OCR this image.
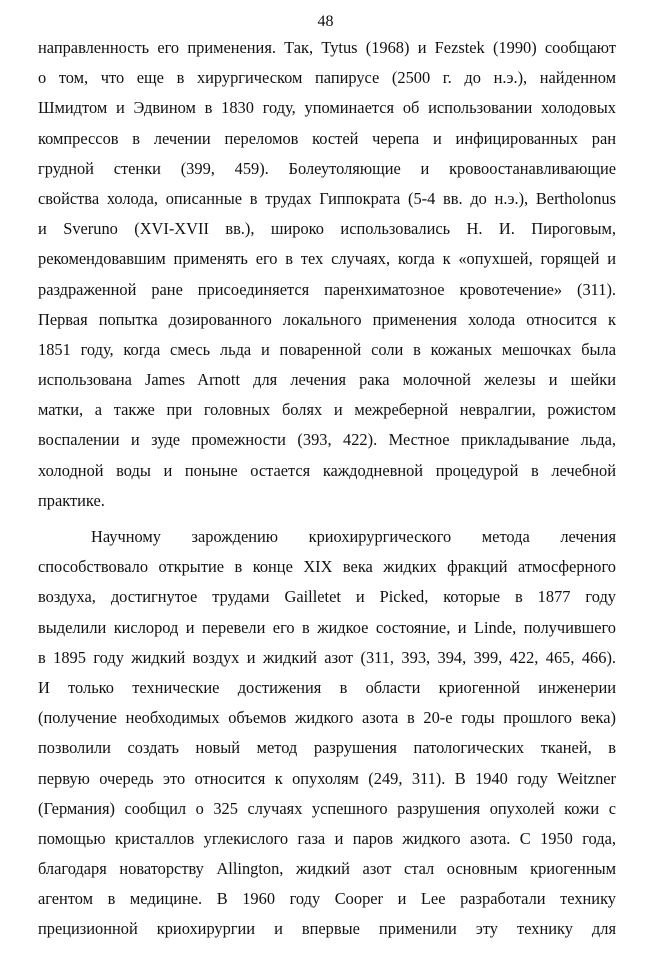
48
направленность его применения. Так, Tytus (1968) и Fezstek (1990) сообщают
о том, что еще в хирургическом папирусе (2500 г. до н.э.), найденном
Шмидтом и Эдвином в 1830 году, упоминается об использовании холодовых
компрессов в лечении переломов костей черепа и инфицированных ран
грудной стенки (399, 459). Болеутоляющие и кровоостанавливающие
свойства холода, описанные в трудах Гиппократа (5-4 вв. до н.э.), Bertholonus
и Sveruno (XVI-XVII вв.), широко использовались Н. И. Пироговым,
рекомендовавшим применять его в тех случаях, когда к «опухшей, горящей и
раздраженной ране присоединяется паренхиматозное кровотечение» (311).
Первая попытка дозированного локального применения холода относится к
1851 году, когда смесь льда и поваренной соли в кожаных мешочках была
использована James Arnott для лечения рака молочной железы и шейки
матки, а также при головных болях и межреберной невралгии, рожистом
воспалении и зуде промежности (393, 422). Местное прикладывание льда,
холодной воды и поныне остается каждодневной процедурой в лечебной
практике.
Научному зарождению криохирургического метода лечения
способствовало открытие в конце XIX века жидких фракций атмосферного
воздуха, достигнутое трудами Gailletet и Picked, которые в 1877 году
выделили кислород и перевели его в жидкое состояние, и Linde, получившего
в 1895 году жидкий воздух и жидкий азот (311, 393, 394, 399, 422, 465, 466).
И только технические достижения в области криогенной инженерии
(получение необходимых объемов жидкого азота в 20-е годы прошлого века)
позволили создать новый метод разрушения патологических тканей, в
первую очередь это относится к опухолям (249, 311). В 1940 году Weitzner
(Германия) сообщил о 325 случаях успешного разрушения опухолей кожи с
помощью кристаллов углекислого газа и паров жидкого азота. С 1950 года,
благодаря новаторству Allington, жидкий азот стал основным криогенным
агентом в медицине. В 1960 году Cooper и Lee разработали технику
прецизионной криохирургии и впервые применили эту технику для
